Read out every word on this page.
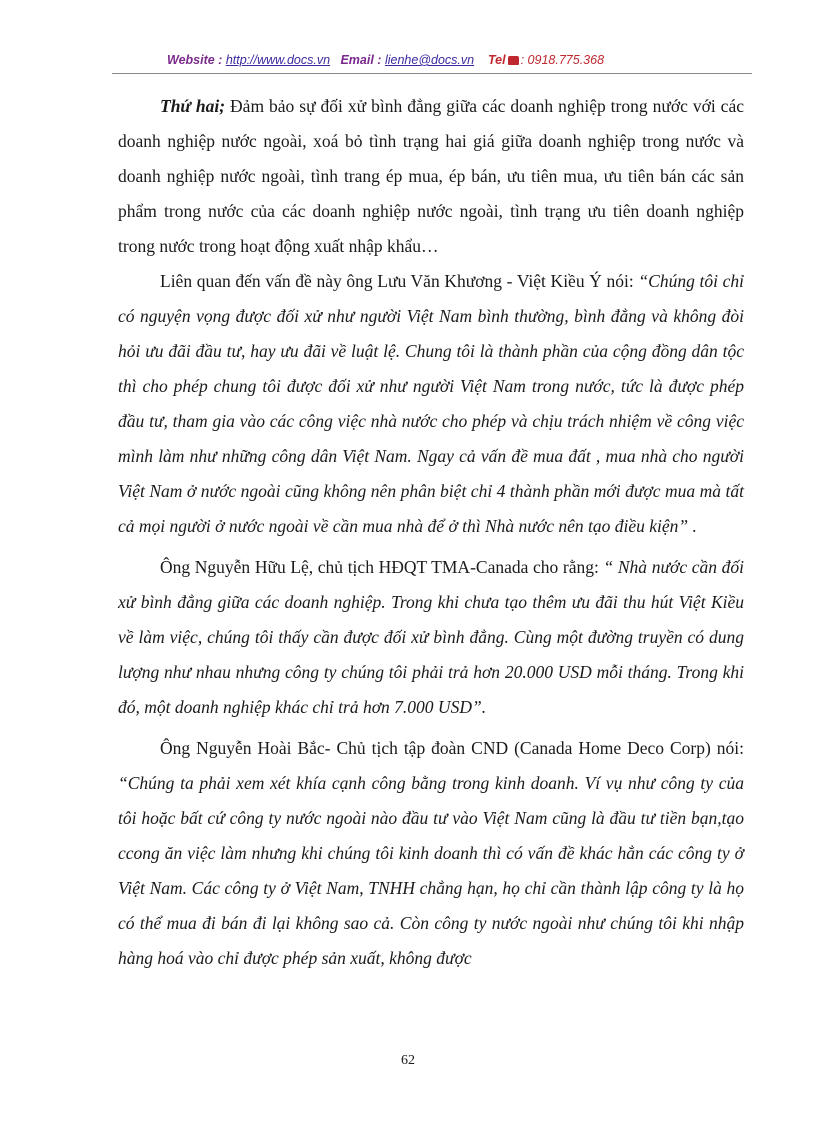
Website : http://www.docs.vn Email : lienhe@docs.vn Tel : 0918.775.368

Thứ hai; Đảm bảo sự đối xử bình đẳng giữa các doanh nghiệp trong nước với các doanh nghiệp nước ngoài, xoá bỏ tình trạng hai giá giữa doanh nghiệp trong nước và doanh nghiệp nước ngoài, tình trang ép mua, ép bán, ưu tiên mua, ưu tiên bán các sản phẩm trong nước của các doanh nghiệp nước ngoài, tình trạng ưu tiên doanh nghiệp trong nước trong hoạt động xuất nhập khẩu…

Liên quan đến vấn đề này ông Lưu Văn Khương - Việt Kiều Ý nói: “Chúng tôi chỉ có nguyện vọng được đối xử như người Việt Nam bình thường, bình đẳng và không đòi hỏi ưu đãi đầu tư, hay ưu đãi về luật lệ. Chung tôi là thành phần của cộng đồng dân tộc thì cho phép chung tôi được đối xử như người Việt Nam trong nước, tức là được phép đầu tư, tham gia vào các công việc nhà nước cho phép và chịu trách nhiệm về công việc mình làm như những công dân Việt Nam. Ngay cả vấn đề mua đất , mua nhà cho người Việt Nam ở nước ngoài cũng không nên phân biệt chỉ 4 thành phần mới được mua mà tất cả mọi người ở nước ngoài về cần mua nhà để ở thì Nhà nước nên tạo điều kiện” .

Ông Nguyễn Hữu Lệ, chủ tịch HĐQT TMA-Canada cho rằng: “ Nhà nước cần đối xử bình đẳng giữa các doanh nghiệp. Trong khi chưa tạo thêm ưu đãi thu hút Việt Kiều về làm việc, chúng tôi thấy cần được đối xử bình đẳng. Cùng một đường truyền có dung lượng như nhau nhưng công ty chúng tôi phải trả hơn 20.000 USD mỗi tháng. Trong khi đó, một doanh nghiệp khác chỉ trả hơn 7.000 USD”.

Ông Nguyễn Hoài Bắc- Chủ tịch tập đoàn CND (Canada Home Deco Corp) nói: “Chúng ta phải xem xét khía cạnh công bằng trong kinh doanh. Ví vụ như công ty của tôi hoặc bất cứ công ty nước ngoài nào đầu tư vào Việt Nam cũng là đầu tư tiền bạn,tạo ccong ăn việc làm nhưng khi chúng tôi kinh doanh thì có vấn đề khác hẳn các công ty ở Việt Nam. Các công ty ở Việt Nam, TNHH chẳng hạn, họ chỉ cần thành lập công ty là họ có thể mua đi bán đi lại không sao cả. Còn công ty nước ngoài như chúng tôi khi nhập hàng hoá vào chỉ được phép sản xuất, không được

62
